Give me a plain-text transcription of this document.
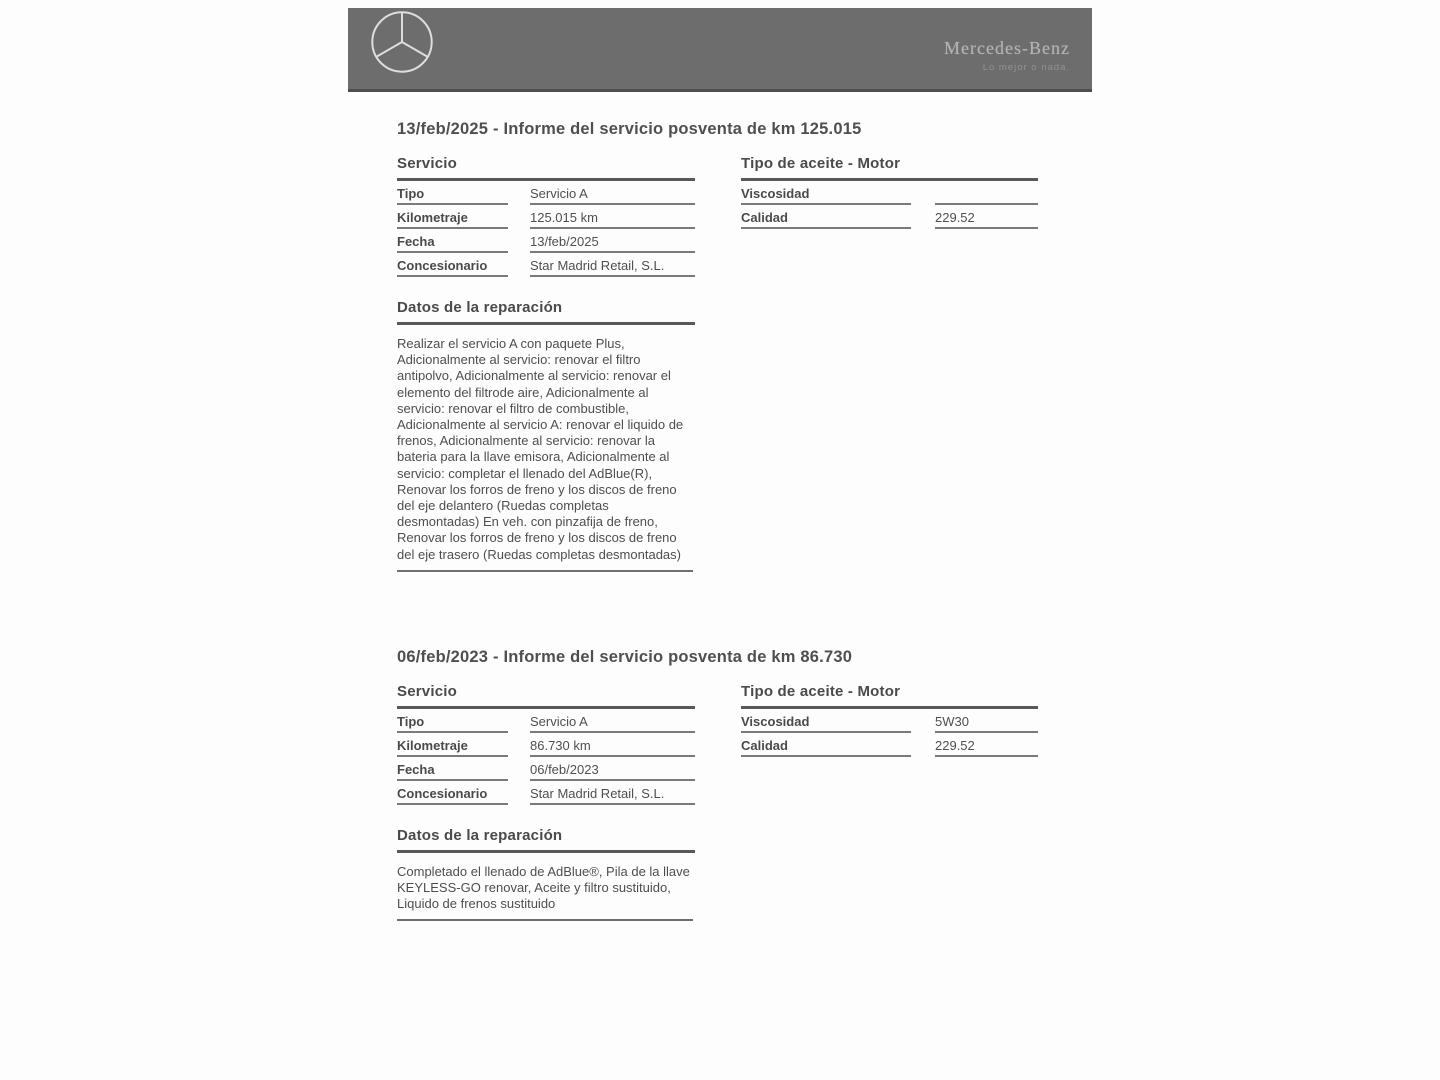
Mercedes-Benz
Lo mejor o nada.
13/feb/2025 - Informe del servicio posventa de km 125.015
Servicio
Tipo	Servicio A
Kilometraje	125.015 km
Fecha	13/feb/2025
Concesionario	Star Madrid Retail, S.L.
Tipo de aceite - Motor
Viscosidad
Calidad	229.52
Datos de la reparación

Realizar el servicio A con paquete Plus, Adicionalmente al servicio: renovar el filtro antipolvo, Adicionalmente al servicio: renovar el elemento del filtrode aire, Adicionalmente al servicio: renovar el filtro de combustible, Adicionalmente al servicio A: renovar el liquido de frenos, Adicionalmente al servicio: renovar la bateria para la llave emisora, Adicionalmente al servicio: completar el llenado del AdBlue(R), Renovar los forros de freno y los discos de freno del eje delantero (Ruedas completas desmontadas) En veh. con pinzafija de freno, Renovar los forros de freno y los discos de freno del eje trasero (Ruedas completas desmontadas)

06/feb/2023 - Informe del servicio posventa de km 86.730
Servicio
Tipo	Servicio A
Kilometraje	86.730 km
Fecha	06/feb/2023
Concesionario	Star Madrid Retail, S.L.
Tipo de aceite - Motor
Viscosidad	5W30
Calidad	229.52
Datos de la reparación

Completado el llenado de AdBlue®, Pila de la llave KEYLESS-GO renovar, Aceite y filtro sustituido, Liquido de frenos sustituido
